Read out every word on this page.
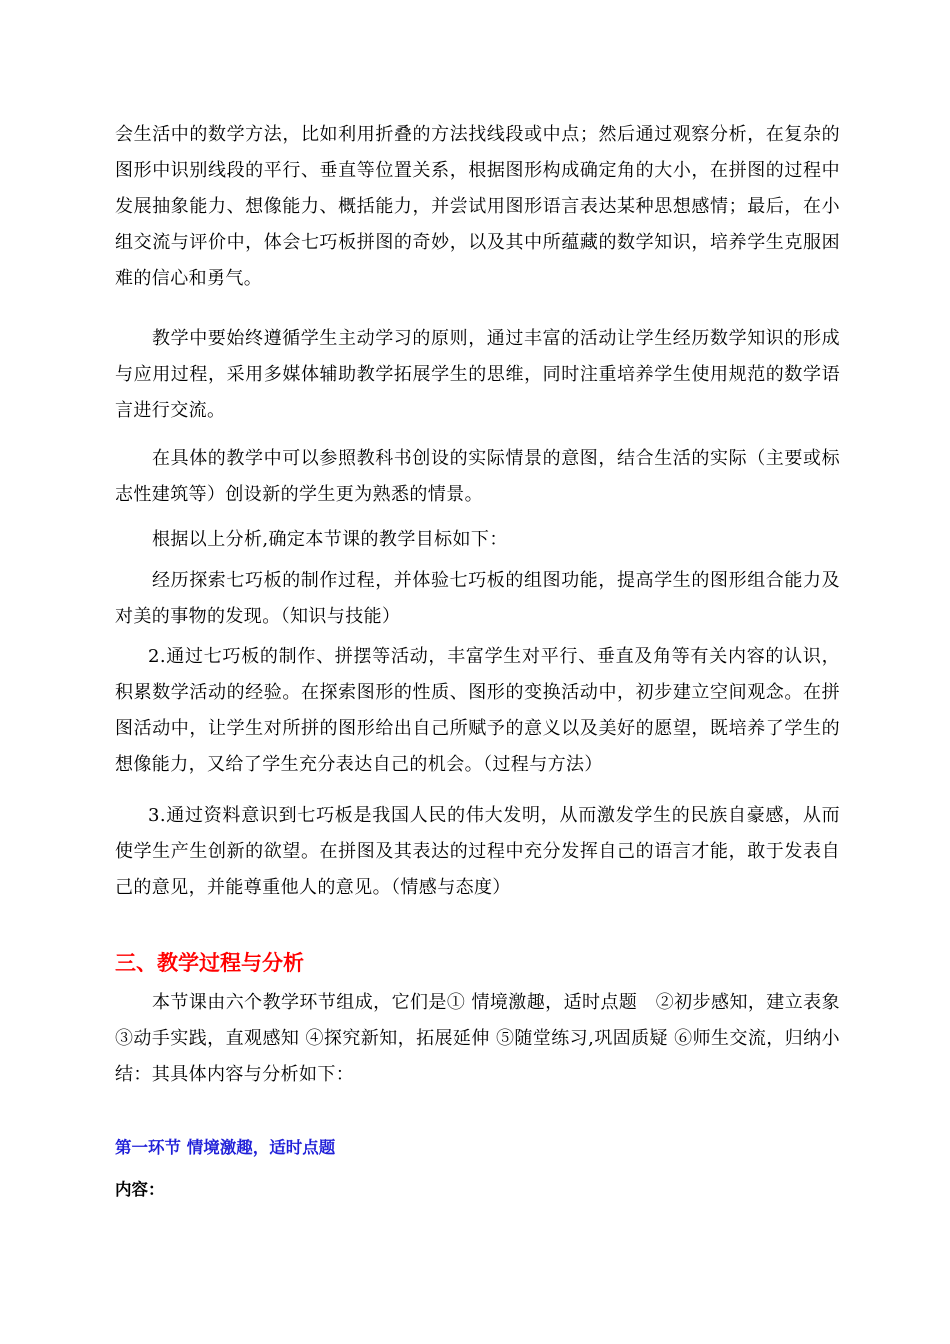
会生活中的数学方法，比如利用折叠的方法找线段或中点；然后通过观察分析，在复杂的图形中识别线段的平行、垂直等位置关系，根据图形构成确定角的大小，在拼图的过程中发展抽象能力、想像能力、概括能力，并尝试用图形语言表达某种思想感情；最后，在小组交流与评价中，体会七巧板拼图的奇妙，以及其中所蕴藏的数学知识，培养学生克服困难的信心和勇气。

教学中要始终遵循学生主动学习的原则，通过丰富的活动让学生经历数学知识的形成与应用过程，采用多媒体辅助教学拓展学生的思维，同时注重培养学生使用规范的数学语言进行交流。

在具体的教学中可以参照教科书创设的实际情景的意图，结合生活的实际（主要或标志性建筑等）创设新的学生更为熟悉的情景。

根据以上分析,确定本节课的教学目标如下：

经历探索七巧板的制作过程，并体验七巧板的组图功能，提高学生的图形组合能力及对美的事物的发现。（知识与技能）

2.通过七巧板的制作、拼摆等活动，丰富学生对平行、垂直及角等有关内容的认识，积累数学活动的经验。在探索图形的性质、图形的变换活动中，初步建立空间观念。在拼图活动中，让学生对所拼的图形给出自己所赋予的意义以及美好的愿望，既培养了学生的想像能力，又给了学生充分表达自己的机会。（过程与方法）

3.通过资料意识到七巧板是我国人民的伟大发明，从而激发学生的民族自豪感，从而使学生产生创新的欲望。在拼图及其表达的过程中充分发挥自己的语言才能，敢于发表自己的意见，并能尊重他人的意见。（情感与态度）

三、教学过程与分析

本节课由六个教学环节组成，它们是① 情境激趣，适时点题　②初步感知，建立表象 ③动手实践，直观感知 ④探究新知，拓展延伸 ⑤随堂练习,巩固质疑 ⑥师生交流，归纳小结：其具体内容与分析如下：

第一环节 情境激趣，适时点题

内容：
